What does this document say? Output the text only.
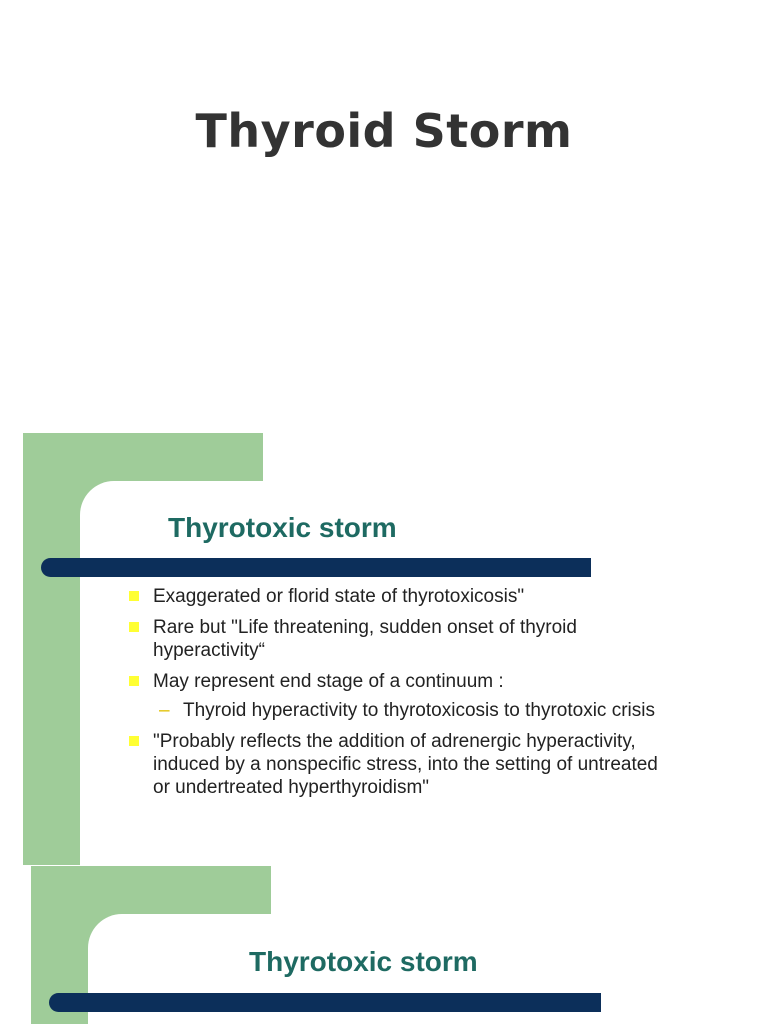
Thyroid Storm
Thyrotoxic storm
Exaggerated or florid state of thyrotoxicosis"
Rare but "Life threatening, sudden onset of thyroid hyperactivity“
May represent end stage of a continuum :
– Thyroid hyperactivity to thyrotoxicosis to thyrotoxic crisis
"Probably reflects the addition of adrenergic hyperactivity, induced by a nonspecific stress, into the setting of untreated or undertreated hyperthyroidism"
Thyrotoxic storm
